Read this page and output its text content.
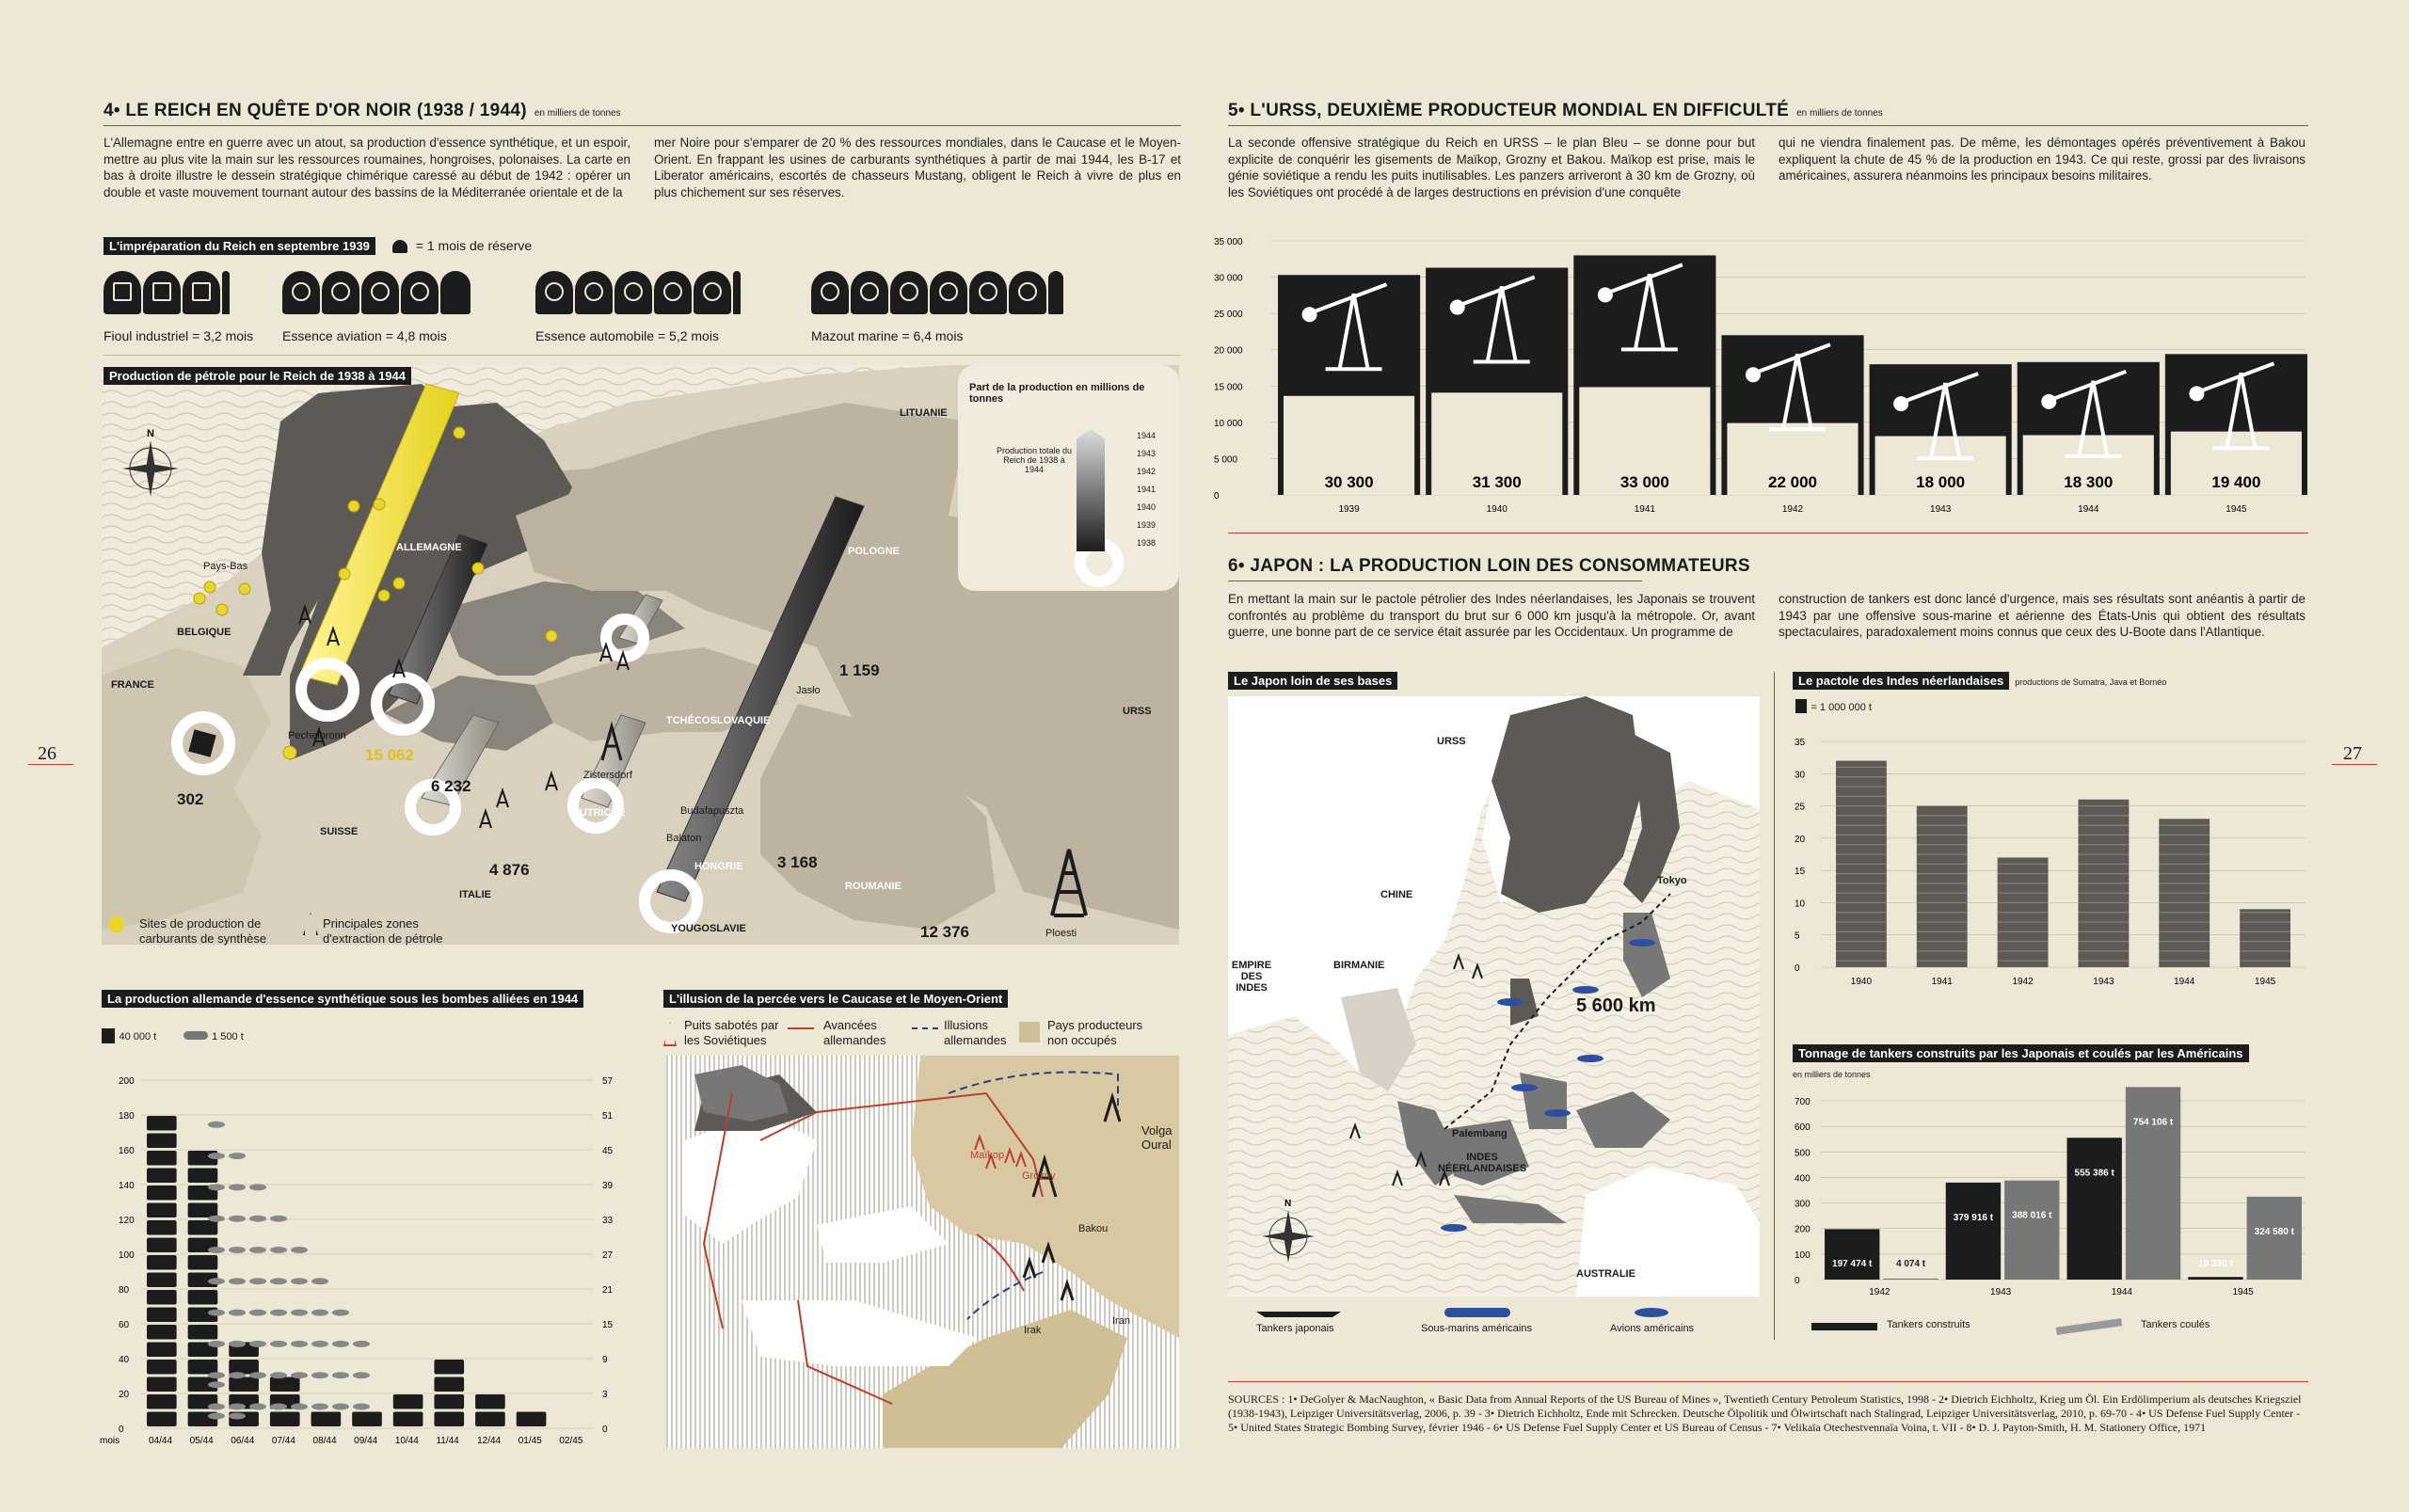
26	27
4• LE REICH EN QUÊTE D'OR NOIR (1938 / 1944) en milliers de tonnes
L'Allemagne entre en guerre avec un atout, sa production d'essence synthétique, et un espoir, mettre au plus vite la main sur les ressources roumaines, hongroises, polonaises. La carte en bas à droite illustre le dessein stratégique chimérique caressé au début de 1942 : opérer un double et vaste mouvement tournant autour des bassins de la Méditerranée orientale et de la
mer Noire pour s'emparer de 20 % des ressources mondiales, dans le Caucase et le Moyen-Orient. En frappant les usines de carburants synthétiques à partir de mai 1944, les B-17 et Liberator américains, escortés de chasseurs Mustang, obligent le Reich à vivre de plus en plus chichement sur ses réserves.
L'impréparation du Reich en septembre 1939	= 1 mois de réserve
Fioul industriel = 3,2 mois Essence aviation = 4,8 mois	Essence automobile = 5,2 mois	Mazout marine = 6,4 mois
N
Production de pétrole pour le Reich de 1938 à 1944
Part de la production en millions de tonnes
Production totale du Reich de 1938 à 1944
1944
1943
1942
1941
1940
1939
1938
LITUANIE
ALLEMAGNE
Pays-Bas
BELGIQUE
FRANCE
POLOGNE
TCHÉCOSLOVAQUIE
AUTRICHE
SUISSE
HONGRIE
ROUMANIE
URSS
ITALIE
YOUGOSLAVIE
Pechelbronn
Zistersdorf
Jasło
Budafapuszta
Balaton
Ploesti
15 062
6 232
302
4 876	3 168
1 159
12 376
Sites de production de carburants de synthèse
Principales zones d'extraction de pétrole
La production allemande d'essence synthétique sous les bombes alliées en 1944
40 000 t	1 500 t
0	0
20	3
40	9
60	15
80	21
100	27
120	33
140	39
160	45
180	51
200	57
04/44 05/44 06/44 07/44 08/44 09/44 10/44 11/44 12/44 01/45 02/45
mois
L'illusion de la percée vers le Caucase et le Moyen-Orient
Puits sabotés par les Soviétiques
Avancées allemandes
Illusions allemandes
Pays producteurs non occupés
Maïkop
Grozny
Volga Oural
Bakou
Irak
Iran
5• L'URSS, DEUXIÈME PRODUCTEUR MONDIAL EN DIFFICULTÉ en milliers de tonnes
La seconde offensive stratégique du Reich en URSS – le plan Bleu – se donne pour but explicite de conquérir les gisements de Maïkop, Grozny et Bakou. Maïkop est prise, mais le génie soviétique a rendu les puits inutilisables. Les panzers arriveront à 30 km de Grozny, où les Soviétiques ont procédé à de larges destructions en prévision d'une conquête
qui ne viendra finalement pas. De même, les démontages opérés préventivement à Bakou expliquent la chute de 45 % de la production en 1943. Ce qui reste, grossi par des livraisons américaines, assurera néanmoins les principaux besoins militaires.
0
5 000
10 000
15 000
20 000
25 000
30 000
35 000
30 300
1939
31 300
1940
33 000
1941
22 000
1942
18 000
1943
18 300
1944
19 400
1945
6• JAPON : LA PRODUCTION LOIN DES CONSOMMATEURS
En mettant la main sur le pactole pétrolier des Indes néerlandaises, les Japonais se trouvent confrontés au problème du transport du brut sur 6 000 km jusqu'à la métropole. Or, avant guerre, une bonne part de ce service était assurée par les Occidentaux. Un programme de
construction de tankers est donc lancé d'urgence, mais ses résultats sont anéantis à partir de 1943 par une offensive sous-marine et aérienne des États-Unis qui obtient des résultats spectaculaires, paradoxalement moins connus que ceux des U-Boote dans l'Atlantique.
Le Japon loin de ses bases
N
URSS
CHINE
BIRMANIE
EMPIRE DES INDES
Tokyo
Palembang
INDES NÉERLANDAISES
AUSTRALIE
5 600 km
Tankers japonais	Sous-marins américains	Avions américains
Le pactole des Indes néerlandaises productions de Sumatra, Java et Bornéo
= 1 000 000 t
0
5
10
15
20
25
30
35
1940	1941	1942	1943	1944	1945
Tonnage de tankers construits par les Japonais et coulés par les Américains
en milliers de tonnes
0
100
200
300
400
500
600
700
197 474 t	4 074 t
1942
379 916 t 388 016 t
1943
555 386 t
754 106 t
1944
10 330 t
324 580 t
1945
Tankers construits	Tankers coulés
SOURCES : 1• DeGolyer & MacNaughton, « Basic Data from Annual Reports of the US Bureau of Mines », Twentieth Century Petroleum Statistics, 1998 - 2• Dietrich Eichholtz, Krieg um Öl. Ein Erdölimperium als deutsches Kriegsziel (1938-1943), Leipziger Universitätsverlag, 2006, p. 39 - 3• Dietrich Eichholtz, Ende mit Schrecken. Deutsche Ölpolitik und Ölwirtschaft nach Stalingrad, Leipziger Universitätsverlag, 2010, p. 69-70 - 4• US Defense Fuel Supply Center - 5• United States Strategic Bombing Survey, février 1946 - 6• US Defense Fuel Supply Center et US Bureau of Census - 7• Velikaïa Otechestvennaïa Voina, t. VII - 8• D. J. Payton-Smith, H. M. Stationery Office, 1971
